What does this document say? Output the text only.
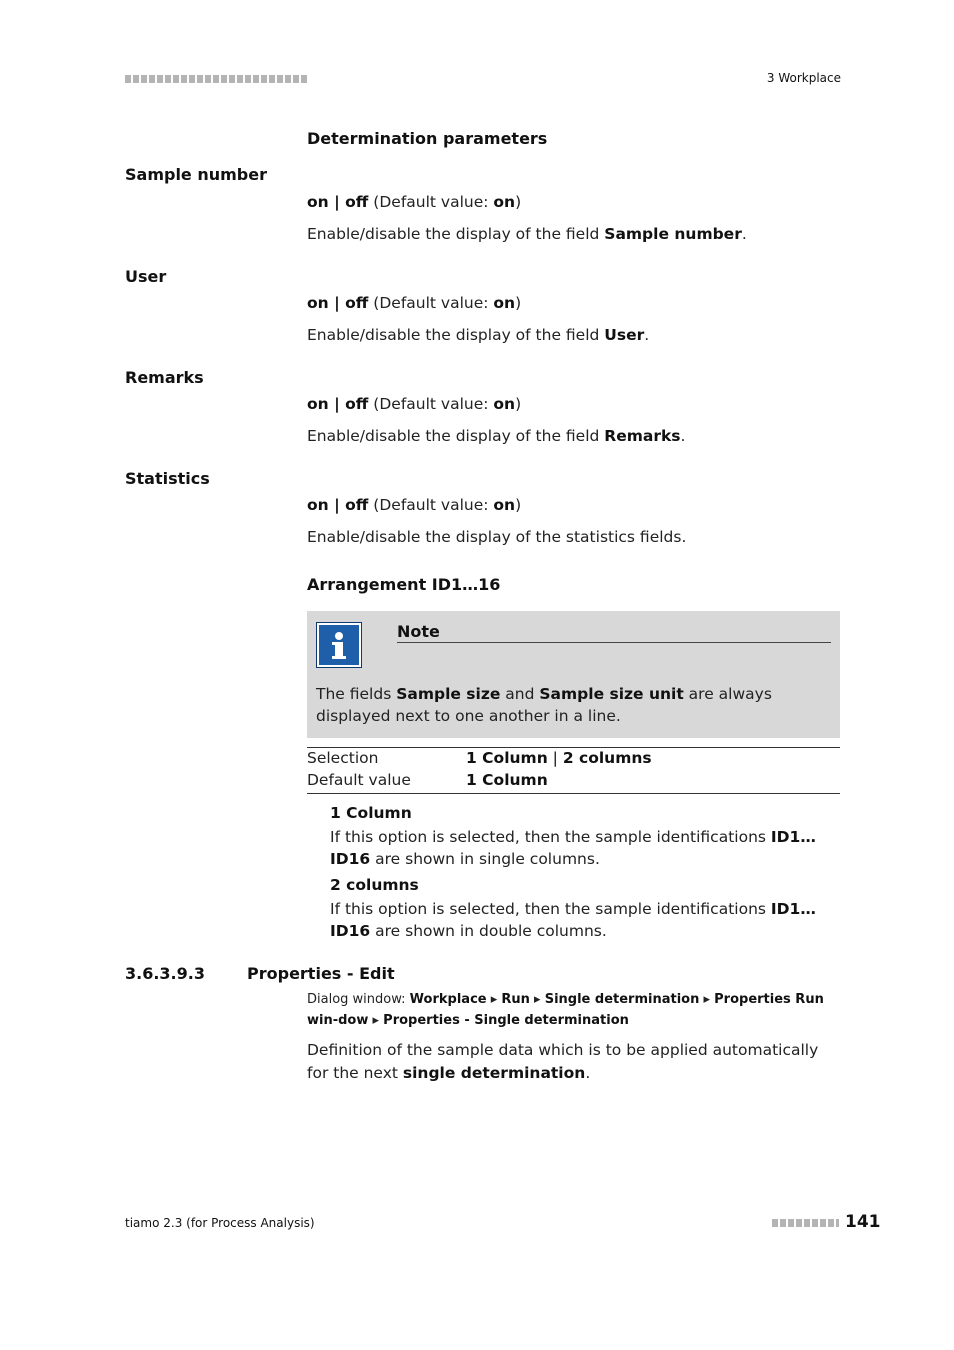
3 Workplace
Determination parameters
Sample number
on | off (Default value: on)
Enable/disable the display of the field Sample number.
User
on | off (Default value: on)
Enable/disable the display of the field User.
Remarks
on | off (Default value: on)
Enable/disable the display of the field Remarks.
Statistics
on | off (Default value: on)
Enable/disable the display of the statistics fields.
Arrangement ID1…16
Note
The fields Sample size and Sample size unit are always displayed next to one another in a line.
Selection	1 Column | 2 columns
Default value	1 Column
1 Column
If this option is selected, then the sample identifications ID1…ID16 are shown in single columns.
2 columns
If this option is selected, then the sample identifications ID1…ID16 are shown in double columns.
3.6.3.9.3	Properties - Edit
Dialog window: Workplace ▸ Run ▸ Single determination ▸ Properties Run win-dow ▸ Properties - Single determination
Definition of the sample data which is to be applied automatically for the next single determination.
tiamo 2.3 (for Process Analysis)	141
